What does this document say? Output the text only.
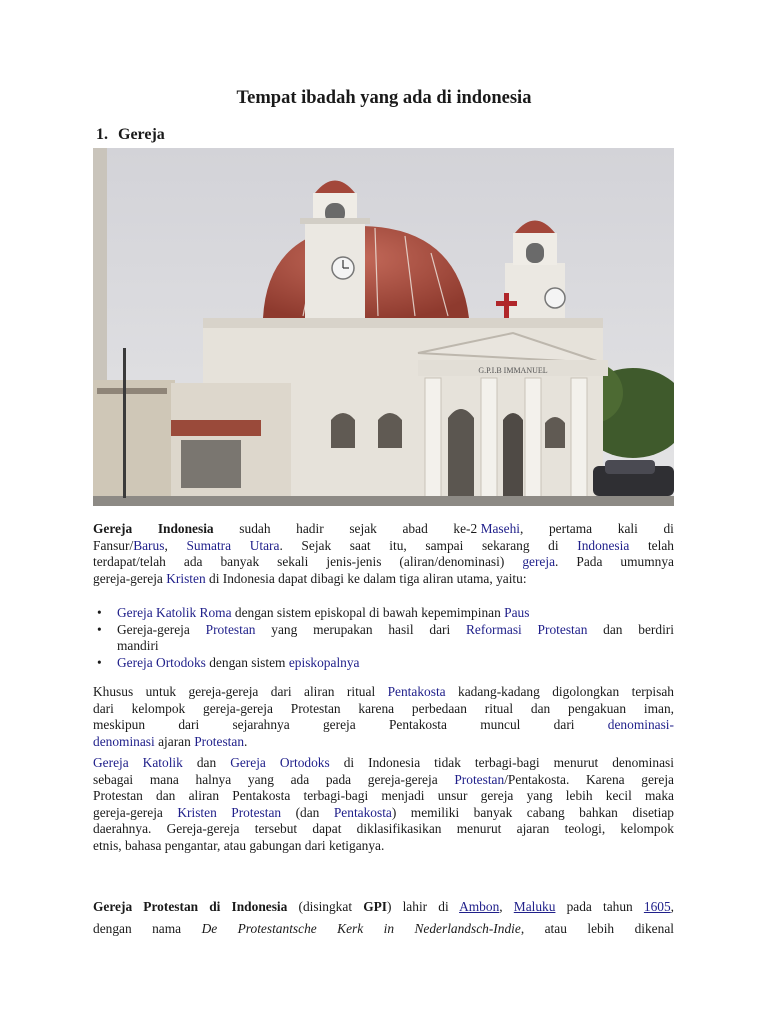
Tempat ibadah yang ada di indonesia
1. Gereja
G.P.I.B IMMANUEL
Gereja Indonesia sudah hadir sejak abad ke-2 Masehi, pertama kali di
Fansur/Barus, Sumatra Utara. Sejak saat itu, sampai sekarang di Indonesia telah
terdapat/telah ada banyak sekali jenis-jenis (aliran/denominasi) gereja. Pada umumnya
gereja-gereja Kristen di Indonesia dapat dibagi ke dalam tiga aliran utama, yaitu:
• Gereja Katolik Roma dengan sistem episkopal di bawah kepemimpinan Paus
• Gereja-gereja Protestan yang merupakan hasil dari Reformasi Protestan dan berdiri
mandiri
• Gereja Ortodoks dengan sistem episkopalnya
Khusus untuk gereja-gereja dari aliran ritual Pentakosta kadang-kadang digolongkan terpisah
dari kelompok gereja-gereja Protestan karena perbedaan ritual dan pengakuan iman,
meskipun dari sejarahnya gereja Pentakosta muncul dari denominasi-
denominasi ajaran Protestan.
Gereja Katolik dan Gereja Ortodoks di Indonesia tidak terbagi-bagi menurut denominasi
sebagai mana halnya yang ada pada gereja-gereja Protestan/Pentakosta. Karena gereja
Protestan dan aliran Pentakosta terbagi-bagi menjadi unsur gereja yang lebih kecil maka
gereja-gereja Kristen Protestan (dan Pentakosta) memiliki banyak cabang bahkan disetiap
daerahnya. Gereja-gereja tersebut dapat diklasifikasikan menurut ajaran teologi, kelompok
etnis, bahasa pengantar, atau gabungan dari ketiganya.
Gereja Protestan di Indonesia (disingkat GPI) lahir di Ambon, Maluku pada tahun 1605,
dengan nama De Protestantsche Kerk in Nederlandsch-Indie, atau lebih dikenal
